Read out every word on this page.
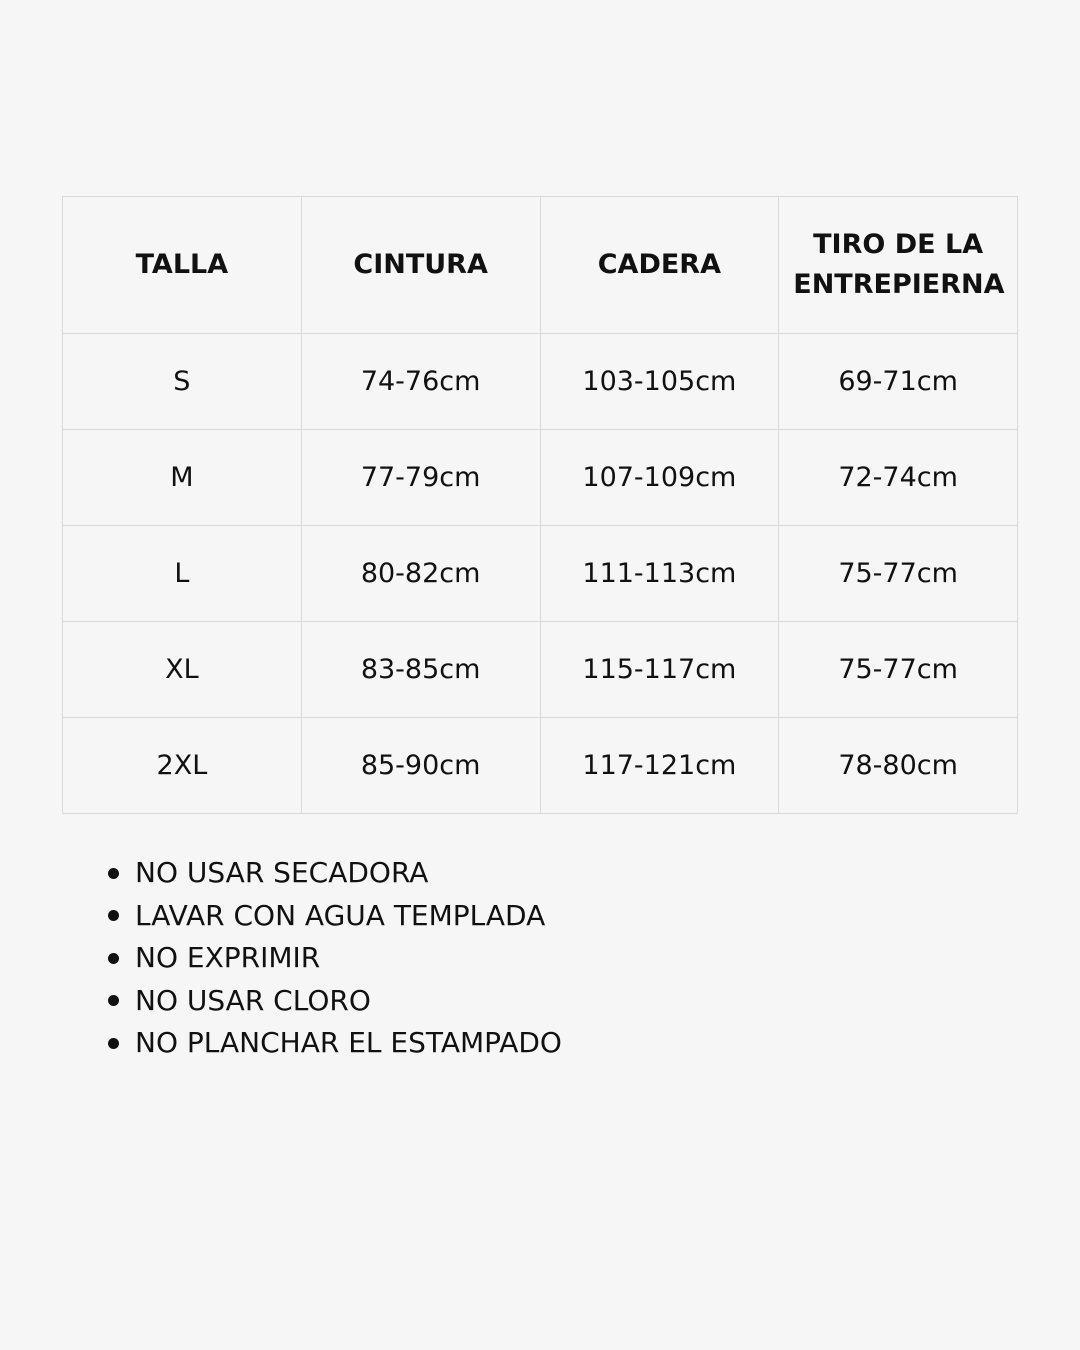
TALLA	CINTURA	CADERA	TIRO DE LA ENTREPIERNA
S	74-76cm	103-105cm	69-71cm
M	77-79cm	107-109cm	72-74cm
L	80-82cm	111-113cm	75-77cm
XL	83-85cm	115-117cm	75-77cm
2XL	85-90cm	117-121cm	78-80cm
NO USAR SECADORA
LAVAR CON AGUA TEMPLADA
NO EXPRIMIR
NO USAR CLORO
NO PLANCHAR EL ESTAMPADO
